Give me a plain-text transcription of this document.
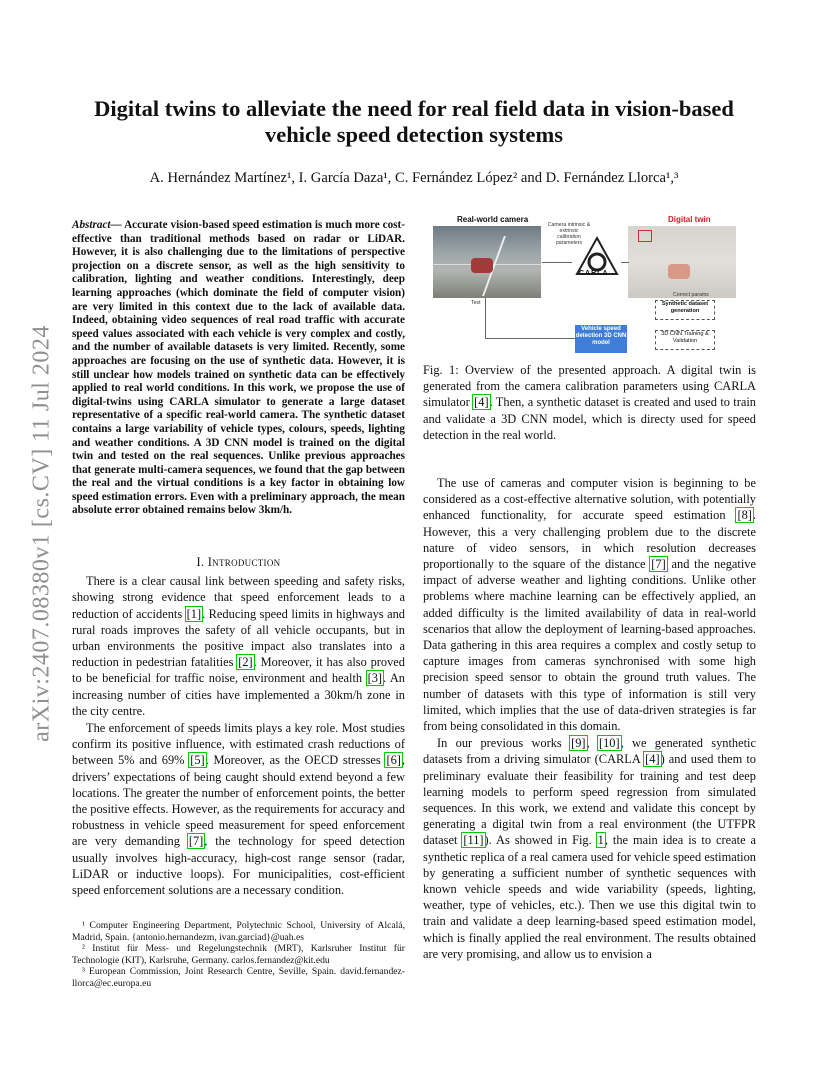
arXiv:2407.08380v1 [cs.CV] 11 Jul 2024
Digital twins to alleviate the need for real field data in vision-based vehicle speed detection systems
A. Hernández Martínez¹, I. García Daza¹, C. Fernández López² and D. Fernández Llorca¹,³
Abstract— Accurate vision-based speed estimation is much more cost-effective than traditional methods based on radar or LiDAR. However, it is also challenging due to the limitations of perspective projection on a discrete sensor, as well as the high sensitivity to calibration, lighting and weather conditions. Interestingly, deep learning approaches (which dominate the field of computer vision) are very limited in this context due to the lack of available data. Indeed, obtaining video sequences of real road traffic with accurate speed values associated with each vehicle is very complex and costly, and the number of available datasets is very limited. Recently, some approaches are focusing on the use of synthetic data. However, it is still unclear how models trained on synthetic data can be effectively applied to real world conditions. In this work, we propose the use of digital-twins using CARLA simulator to generate a large dataset representative of a specific real-world camera. The synthetic dataset contains a large variability of vehicle types, colours, speeds, lighting and weather conditions. A 3D CNN model is trained on the digital twin and tested on the real sequences. Unlike previous approaches that generate multi-camera sequences, we found that the gap between the real and the virtual conditions is a key factor in obtaining low speed estimation errors. Even with a preliminary approach, the mean absolute error obtained remains below 3km/h.
I. Introduction

There is a clear causal link between speeding and safety risks, showing strong evidence that speed enforcement leads to a reduction of accidents [1]. Reducing speed limits in highways and rural roads improves the safety of all vehicle occupants, but in urban environments the positive impact also translates into a reduction in pedestrian fatalities [2]. Moreover, it has also proved to be beneficial for traffic noise, environment and health [3]. An increasing number of cities have implemented a 30km/h zone in the city centre.

The enforcement of speeds limits plays a key role. Most studies confirm its positive influence, with estimated crash reductions of between 5% and 69% [5]. Moreover, as the OECD stresses [6], drivers’ expectations of being caught should extend beyond a few locations. The greater the number of enforcement points, the better the positive effects. However, as the requirements for accuracy and robustness in vehicle speed measurement for speed enforcement are very demanding [7], the technology for speed detection usually involves high-accuracy, high-cost range sensor (radar, LiDAR or inductive loops). For municipalities, cost-efficient speed enforcement solutions are a necessary condition.

¹ Computer Engineering Department, Polytechnic School, University of Alcalá, Madrid, Spain. {antonio.hernandezm, ivan.garciad}@uah.es
² Institut für Mess- und Regelungstechnik (MRT), Karlsruher Institut für Technologie (KIT), Karlsruhe, Germany. carlos.fernandez@kit.edu
³ European Commission, Joint Research Centre, Seville, Spain. david.fernandez-llorca@ec.europa.eu
Real-world camera	Digital twin
Camera intrinsic & extrinsic calibration parameters
CARLA
Test
Correct params
Synthetic dataset generation
3D CNN Training & Validation
Vehicle speed detection 3D CNN model
Fig. 1: Overview of the presented approach. A digital twin is generated from the camera calibration parameters using CARLA simulator [4]. Then, a synthetic dataset is created and used to train and validate a 3D CNN model, which is directy used for speed detection in the real world.

The use of cameras and computer vision is beginning to be considered as a cost-effective alternative solution, with potentially enhanced functionality, for accurate speed estimation [8]. However, this a very challenging problem due to the discrete nature of video sensors, in which resolution decreases proportionally to the square of the distance [7] and the negative impact of adverse weather and lighting conditions. Unlike other problems where machine learning can be effectively applied, an added difficulty is the limited availability of data in real-world scenarios that allow the deployment of learning-based approaches. Data gathering in this area requires a complex and costly setup to capture images from cameras synchronised with some high precision speed sensor to obtain the ground truth values. The number of datasets with this type of information is still very limited, which implies that the use of data-driven strategies is far from being consolidated in this domain.

In our previous works [9], [10], we generated synthetic datasets from a driving simulator (CARLA [4]) and used them to preliminary evaluate their feasibility for training and test deep learning models to perform speed regression from simulated sequences. In this work, we extend and validate this concept by generating a digital twin from a real environment (the UTFPR dataset [11]). As showed in Fig. 1, the main idea is to create a synthetic replica of a real camera used for vehicle speed estimation by generating a sufficient number of synthetic sequences with known vehicle speeds and wide variability (speeds, lighting, weather, type of vehicles, etc.). Then we use this digital twin to train and validate a deep learning-based speed estimation model, which is finally applied the real environment. The results obtained are very promising, and allow us to envision a
